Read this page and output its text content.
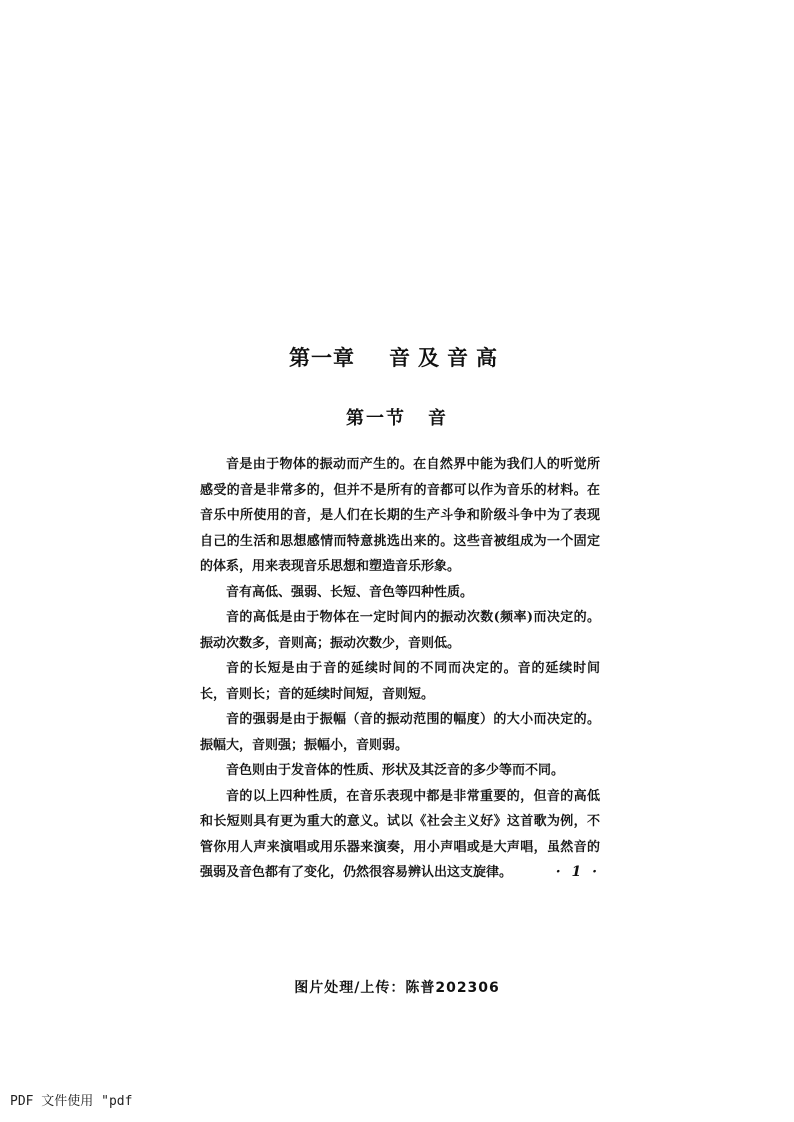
第一章 音及音高
第一节 音

音是由于物体的振动而产生的。在自然界中能为我们人的听觉所感受的音是非常多的，但并不是所有的音都可以作为音乐的材料。在音乐中所使用的音，是人们在长期的生产斗争和阶级斗争中为了表现自己的生活和思想感情而特意挑选出来的。这些音被组成为一个固定的体系，用来表现音乐思想和塑造音乐形象。

音有高低、强弱、长短、音色等四种性质。

音的高低是由于物体在一定时间内的振动次数(频率)而决定的。振动次数多，音则高；振动次数少，音则低。

音的长短是由于音的延续时间的不同而决定的。音的延续时间长，音则长；音的延续时间短，音则短。

音的强弱是由于振幅（音的振动范围的幅度）的大小而决定的。振幅大，音则强；振幅小，音则弱。

音色则由于发音体的性质、形状及其泛音的多少等而不同。

音的以上四种性质，在音乐表现中都是非常重要的，但音的高低和长短则具有更为重大的意义。试以《社会主义好》这首歌为例，不管你用人声来演唱或用乐器来演奏，用小声唱或是大声唱，虽然音的强弱及音色都有了变化，仍然很容易辨认出这支旋律。	· 1 ·
图片处理/上传：陈普202306
PDF 文件使用 "pdf
